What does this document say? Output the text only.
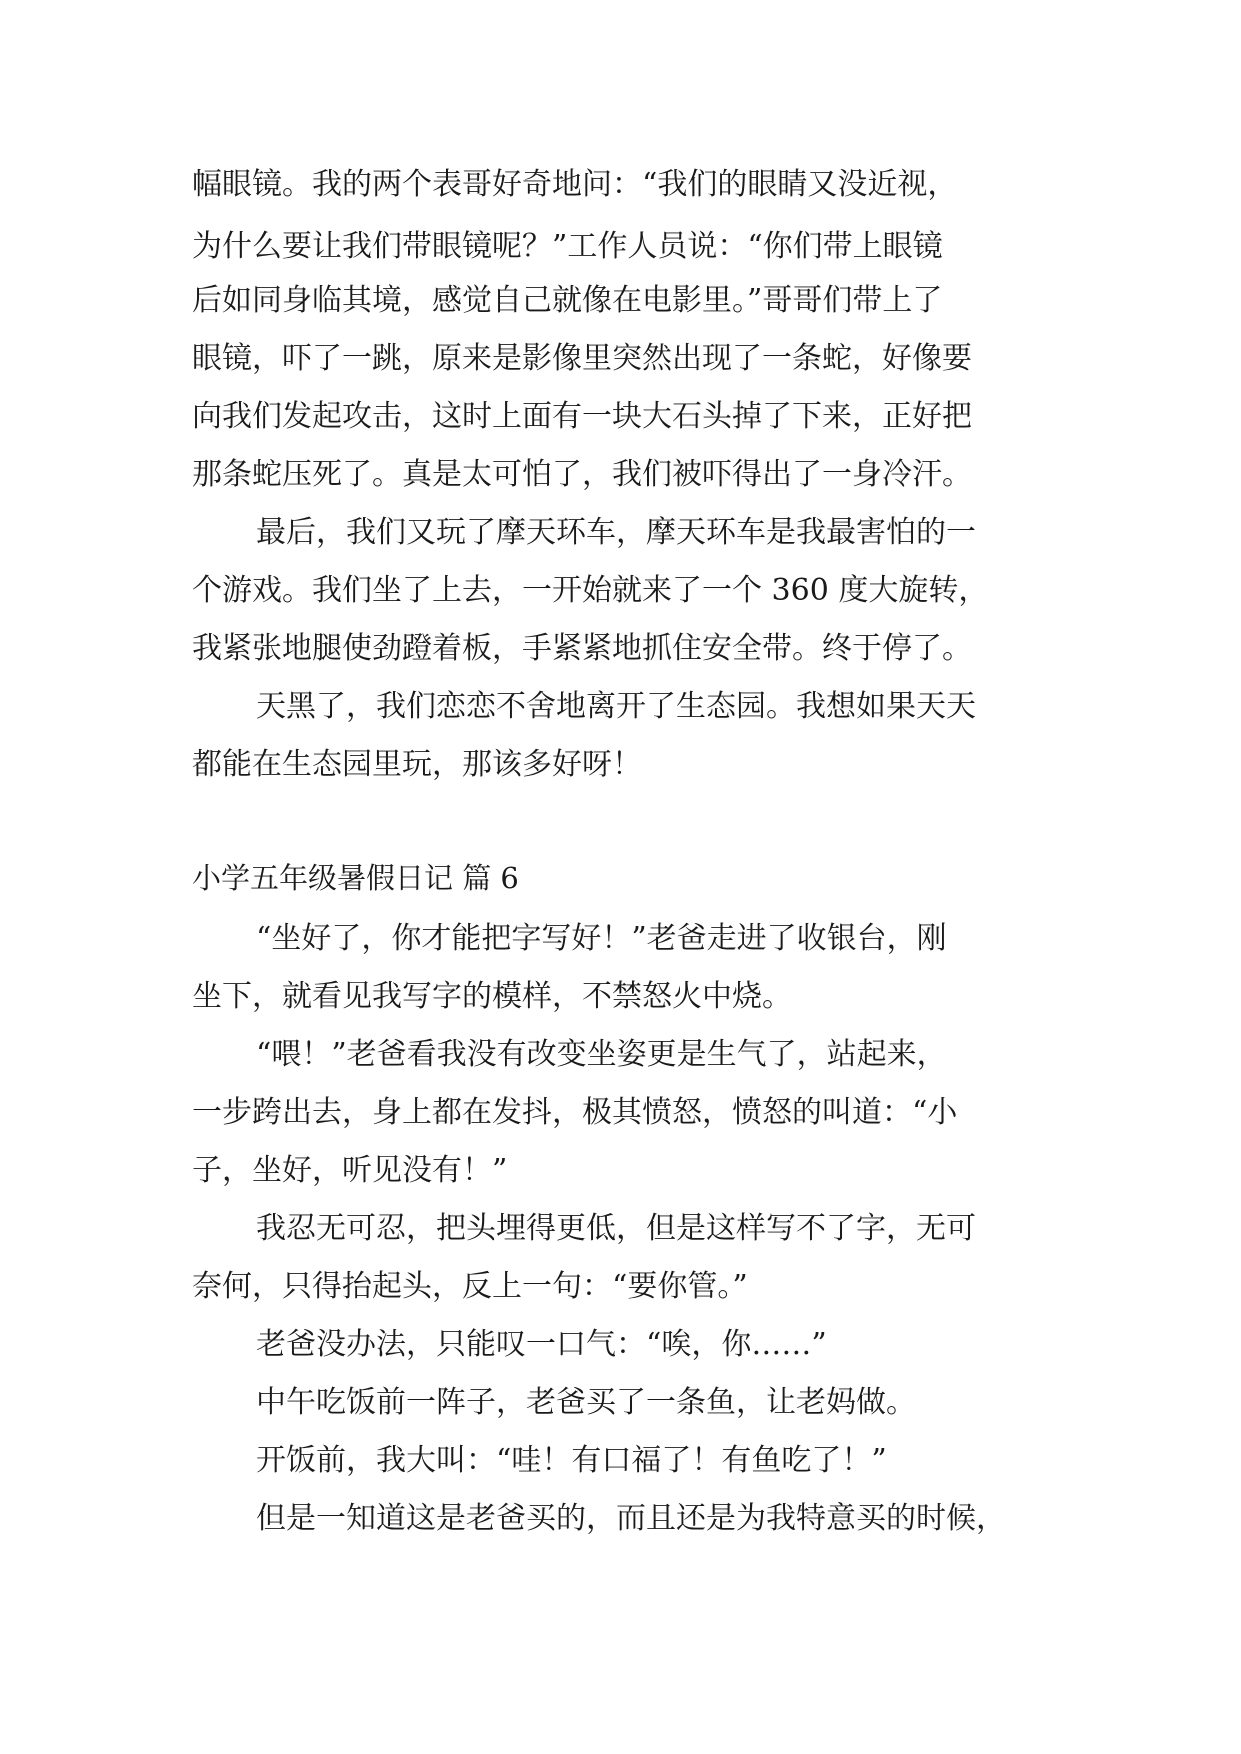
幅眼镜。我的两个表哥好奇地问：“我们的眼睛又没近视，
为什么要让我们带眼镜呢？”工作人员说：“你们带上眼镜
后如同身临其境，感觉自己就像在电影里。”哥哥们带上了
眼镜，吓了一跳，原来是影像里突然出现了一条蛇，好像要
向我们发起攻击，这时上面有一块大石头掉了下来，正好把
那条蛇压死了。真是太可怕了，我们被吓得出了一身冷汗。
最后，我们又玩了摩天环车，摩天环车是我最害怕的一
个游戏。我们坐了上去，一开始就来了一个 360 度大旋转，
我紧张地腿使劲蹬着板，手紧紧地抓住安全带。终于停了。
天黑了，我们恋恋不舍地离开了生态园。我想如果天天
都能在生态园里玩，那该多好呀！
小学五年级暑假日记 篇 6
“坐好了，你才能把字写好！”老爸走进了收银台，刚
坐下，就看见我写字的模样，不禁怒火中烧。
“喂！”老爸看我没有改变坐姿更是生气了，站起来，
一步跨出去，身上都在发抖，极其愤怒，愤怒的叫道：“小
子，坐好，听见没有！”
我忍无可忍，把头埋得更低，但是这样写不了字，无可
奈何，只得抬起头，反上一句：“要你管。”
老爸没办法，只能叹一口气：“唉，你……”
中午吃饭前一阵子，老爸买了一条鱼，让老妈做。
开饭前，我大叫：“哇！有口福了！有鱼吃了！”
但是一知道这是老爸买的，而且还是为我特意买的时候，
